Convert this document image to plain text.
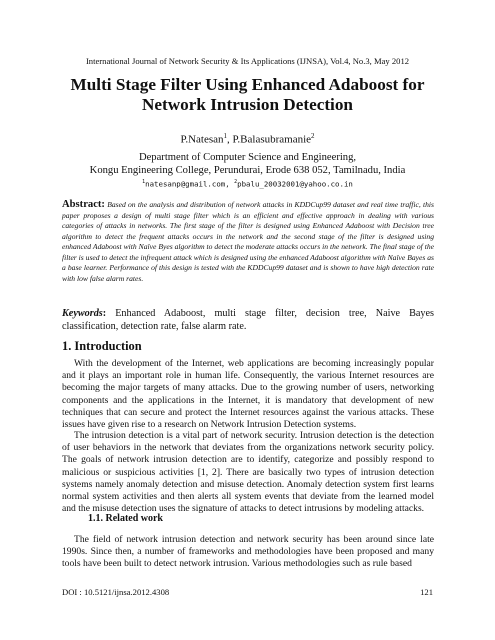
International Journal of Network Security & Its Applications (IJNSA), Vol.4, No.3, May 2012
Multi Stage Filter Using Enhanced Adaboost for
Network Intrusion Detection
P.Natesan$^1$, P.Balasubramanie$^2$
Department of Computer Science and Engineering,
Kongu Engineering College, Perundurai, Erode 638 052, Tamilnadu, India
$^1$natesanp@gmail.com, $^2$pbalu_20032001@yahoo.co.in
Abstract: Based on the analysis and distribution of network attacks in KDDCup99 dataset and real time traffic, this paper proposes a design of multi stage filter which is an efficient and effective approach in dealing with various categories of attacks in networks. The first stage of the filter is designed using Enhanced Adaboost with Decision tree algorithm to detect the frequent attacks occurs in the network and the second stage of the filter is designed using enhanced Adaboost with Naïve Byes algorithm to detect the moderate attacks occurs in the network. The final stage of the filter is used to detect the infrequent attack which is designed using the enhanced Adaboost algorithm with Naïve Bayes as a base learner. Performance of this design is tested with the KDDCup99 dataset and is shown to have high detection rate with low false alarm rates.
Keywords: Enhanced Adaboost, multi stage filter, decision tree, Naive Bayes classification, detection rate, false alarm rate.
1. Introduction
With the development of the Internet, web applications are becoming increasingly popular and it plays an important role in human life. Consequently, the various Internet resources are becoming the major targets of many attacks. Due to the growing number of users, networking components and the applications in the Internet, it is mandatory that development of new techniques that can secure and protect the Internet resources against the various attacks. These issues have given rise to a research on Network Intrusion Detection systems.
The intrusion detection is a vital part of network security. Intrusion detection is the detection of user behaviors in the network that deviates from the organizations network security policy. The goals of network intrusion detection are to identify, categorize and possibly respond to malicious or suspicious activities [1, 2]. There are basically two types of intrusion detection systems namely anomaly detection and misuse detection. Anomaly detection system first learns normal system activities and then alerts all system events that deviate from the learned model and the misuse detection uses the signature of attacks to detect intrusions by modeling attacks.
1.1. Related work
The field of network intrusion detection and network security has been around since late 1990s. Since then, a number of frameworks and methodologies have been proposed and many tools have been built to detect network intrusion. Various methodologies such as rule based
DOI : 10.5121/ijnsa.2012.4308	121
